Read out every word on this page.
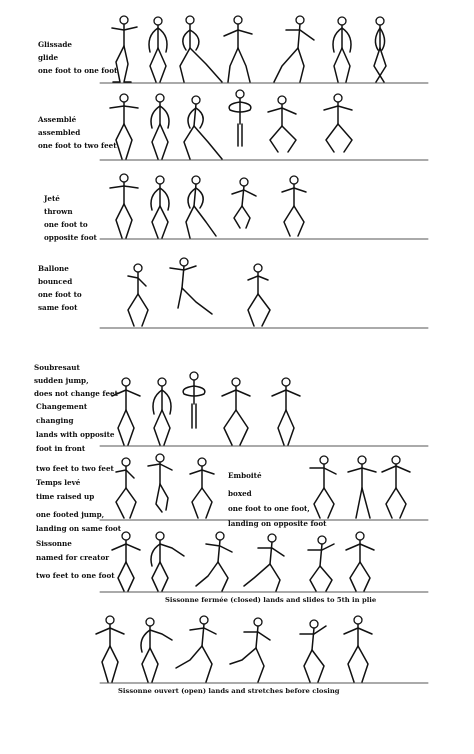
Glissade
glide
one foot to one foot
Assemblé
assembled
one foot to two feet
Jeté
thrown
one foot to
opposite foot
Ballone
bounced
one foot to
same foot
Soubresaut
sudden jump,
does not change feet
Changement
changing
lands with opposite
foot in front
two feet to two feet
Temps levé
time raised up
one footed jump,
landing on same foot
Emboité
boxed
one foot to one foot,
landing on opposite foot
Sissonne
named for creator
two feet to one foot
Sissonne fermée (closed) lands and slides to 5th in plie
Sissonne ouvert (open) lands and stretches before closing
